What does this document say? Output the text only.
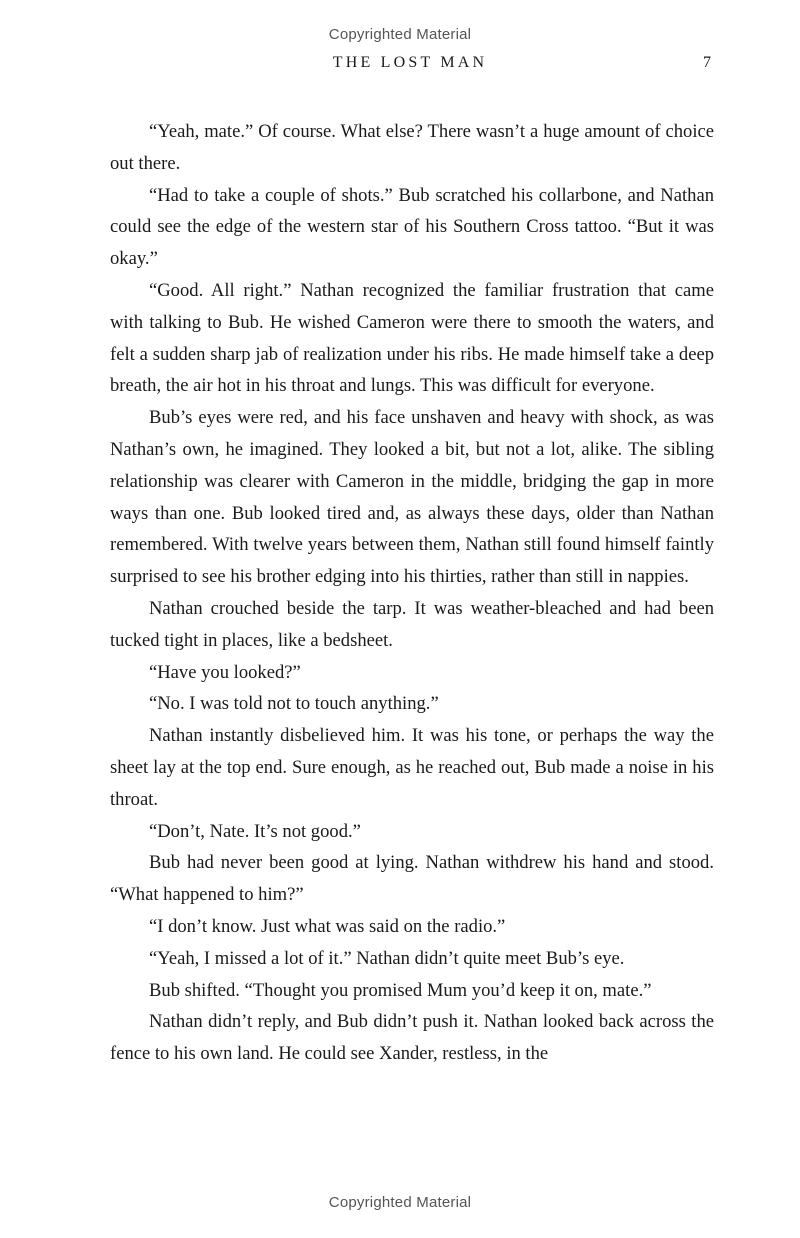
Copyrighted Material
THE LOST MAN	7

“Yeah, mate.” Of course. What else? There wasn’t a huge amount of choice out there.

“Had to take a couple of shots.” Bub scratched his collarbone, and Nathan could see the edge of the western star of his Southern Cross tattoo. “But it was okay.”

“Good. All right.” Nathan recognized the familiar frustration that came with talking to Bub. He wished Cameron were there to smooth the waters, and felt a sudden sharp jab of realization under his ribs. He made himself take a deep breath, the air hot in his throat and lungs. This was difficult for everyone.

Bub’s eyes were red, and his face unshaven and heavy with shock, as was Nathan’s own, he imagined. They looked a bit, but not a lot, alike. The sibling relationship was clearer with Cameron in the middle, bridging the gap in more ways than one. Bub looked tired and, as always these days, older than Nathan remembered. With twelve years between them, Nathan still found himself faintly surprised to see his brother edging into his thirties, rather than still in nappies.

Nathan crouched beside the tarp. It was weather-bleached and had been tucked tight in places, like a bedsheet.

“Have you looked?”

“No. I was told not to touch anything.”

Nathan instantly disbelieved him. It was his tone, or perhaps the way the sheet lay at the top end. Sure enough, as he reached out, Bub made a noise in his throat.

“Don’t, Nate. It’s not good.”

Bub had never been good at lying. Nathan withdrew his hand and stood. “What happened to him?”

“I don’t know. Just what was said on the radio.”

“Yeah, I missed a lot of it.” Nathan didn’t quite meet Bub’s eye.

Bub shifted. “Thought you promised Mum you’d keep it on, mate.”

Nathan didn’t reply, and Bub didn’t push it. Nathan looked back across the fence to his own land. He could see Xander, restless, in the

Copyrighted Material
